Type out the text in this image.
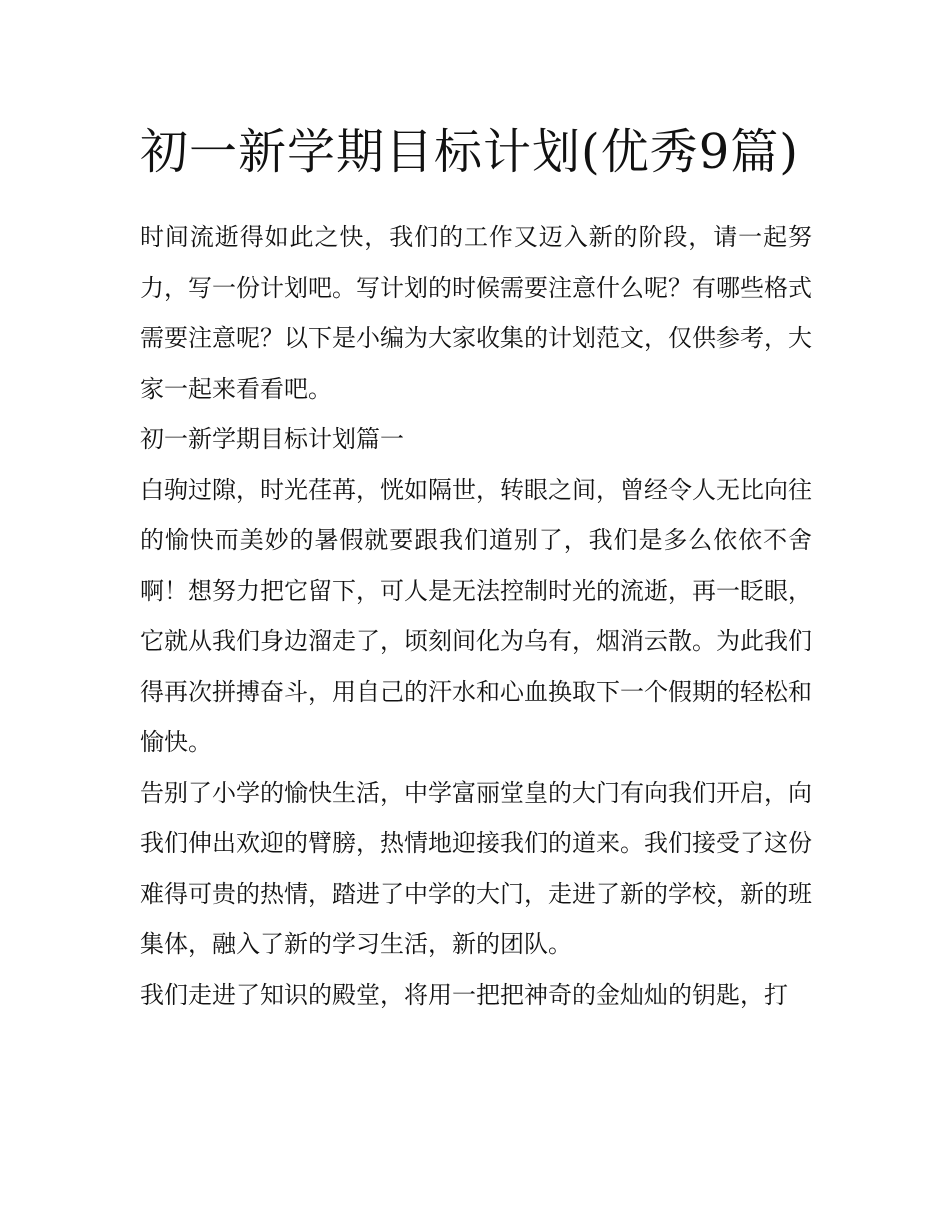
初一新学期目标计划(优秀9篇)

时间流逝得如此之快，我们的工作又迈入新的阶段，请一起努力，写一份计划吧。写计划的时候需要注意什么呢？有哪些格式需要注意呢？以下是小编为大家收集的计划范文，仅供参考，大家一起来看看吧。

初一新学期目标计划篇一

白驹过隙，时光荏苒，恍如隔世，转眼之间，曾经令人无比向往的愉快而美妙的暑假就要跟我们道别了，我们是多么依依不舍啊！想努力把它留下，可人是无法控制时光的流逝，再一眨眼，它就从我们身边溜走了，顷刻间化为乌有，烟消云散。为此我们得再次拼搏奋斗，用自己的汗水和心血换取下一个假期的轻松和愉快。

告别了小学的愉快生活，中学富丽堂皇的大门有向我们开启，向我们伸出欢迎的臂膀，热情地迎接我们的道来。我们接受了这份难得可贵的热情，踏进了中学的大门，走进了新的学校，新的班集体，融入了新的学习生活，新的团队。

我们走进了知识的殿堂，将用一把把神奇的金灿灿的钥匙，打
